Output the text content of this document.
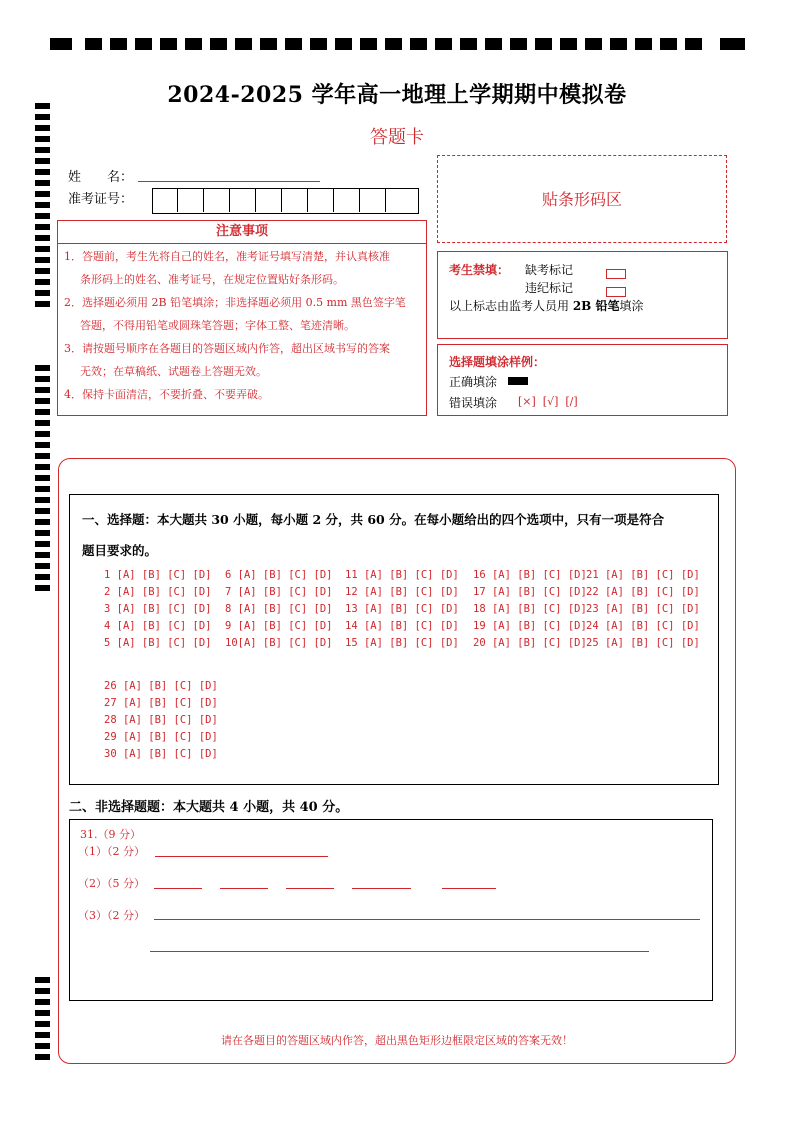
2024-2025 学年高一地理上学期期中模拟卷
答题卡
姓　　名：
准考证号：	贴条形码区
注意事项
1．答题前，考生先将自己的姓名，准考证号填写清楚，并认真核准
条形码上的姓名、准考证号，在规定位置贴好条形码。
2．选择题必须用 2B 铅笔填涂；非选择题必须用 0.5 mm 黑色签字笔
答题，不得用铅笔或圆珠笔答题；字体工整、笔迹清晰。
3．请按题号顺序在各题目的答题区域内作答，超出区域书写的答案
无效；在草稿纸、试题卷上答题无效。
4．保持卡面清洁，不要折叠、不要弄破。
考生禁填： 缺考标记
违纪标记
以上标志由监考人员用 2B 铅笔填涂
选择题填涂样例：
正确填涂
错误填涂 [×]  [√]  [/]
一、选择题：本大题共 30 小题，每小题 2 分，共 60 分。在每小题给出的四个选项中，只有一项是符合
题目要求的。
1 [A] [B] [C] [D] 6 [A] [B] [C] [D] 11 [A] [B] [C] [D] 16 [A] [B] [C] [D] 21 [A] [B] [C] [D]
2 [A] [B] [C] [D] 7 [A] [B] [C] [D] 12 [A] [B] [C] [D] 17 [A] [B] [C] [D] 22 [A] [B] [C] [D]
3 [A] [B] [C] [D] 8 [A] [B] [C] [D] 13 [A] [B] [C] [D] 18 [A] [B] [C] [D] 23 [A] [B] [C] [D]
4 [A] [B] [C] [D] 9 [A] [B] [C] [D] 14 [A] [B] [C] [D] 19 [A] [B] [C] [D] 24 [A] [B] [C] [D]
5 [A] [B] [C] [D] 10[A] [B] [C] [D] 15 [A] [B] [C] [D] 20 [A] [B] [C] [D] 25 [A] [B] [C] [D]
26 [A] [B] [C] [D]
27 [A] [B] [C] [D]
28 [A] [B] [C] [D]
29 [A] [B] [C] [D]
30 [A] [B] [C] [D]
二、非选择题题：本大题共 4 小题，共 40 分。
31.（9 分）
（1）（2 分）
（2）（5 分）
（3）（2 分）
请在各题目的答题区域内作答，超出黑色矩形边框限定区域的答案无效！
